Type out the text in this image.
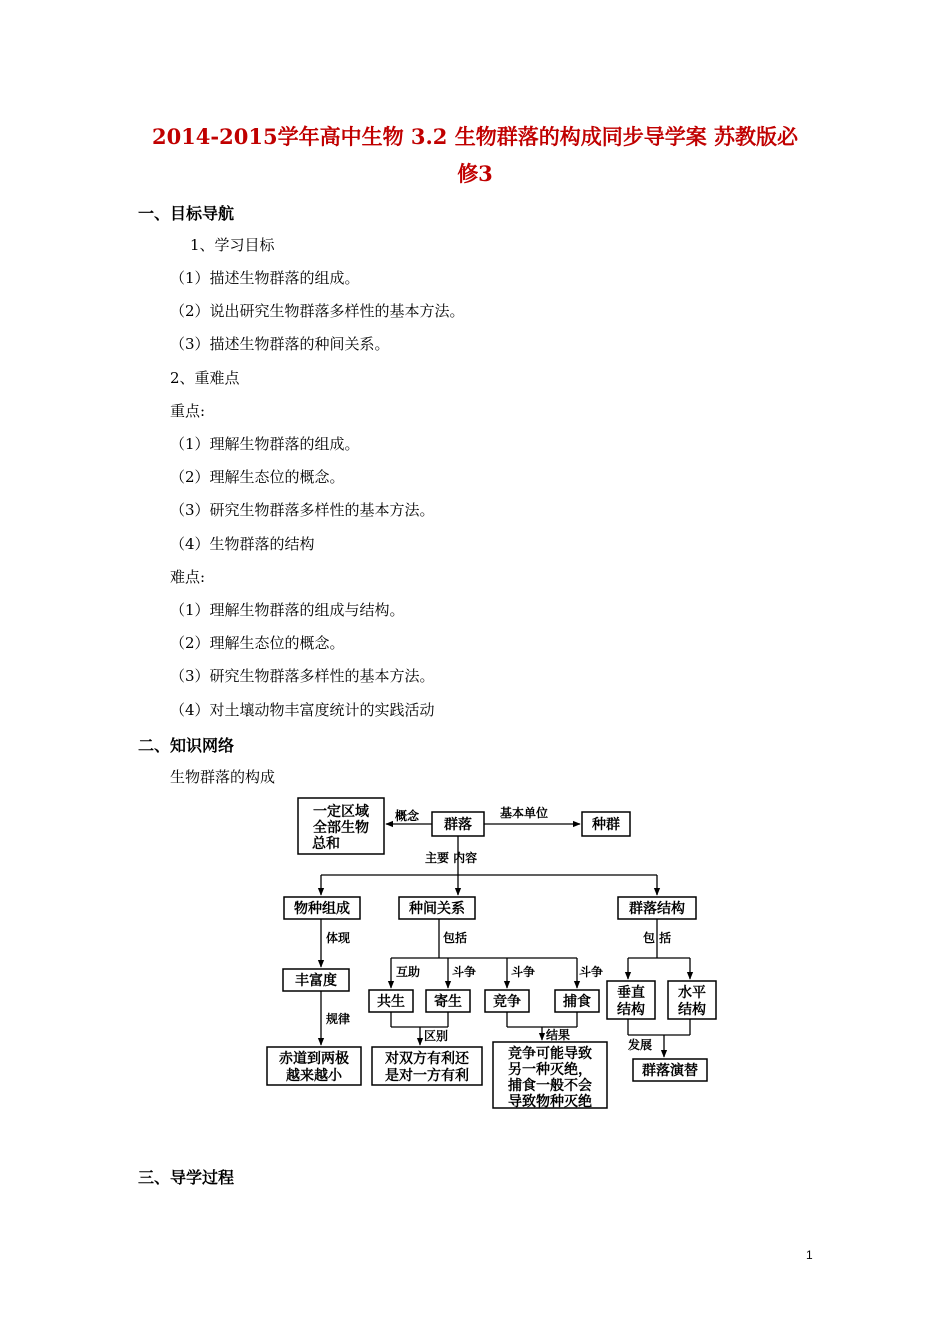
2014-2015学年高中生物 3.2 生物群落的构成同步导学案 苏教版必
修3
一、目标导航
1、学习目标
（1）描述生物群落的组成。
（2）说出研究生物群落多样性的基本方法。
（3）描述生物群落的种间关系。
2、重难点
重点:
（1）理解生物群落的组成。
（2）理解生态位的概念。
（3）研究生物群落多样性的基本方法。
（4）生物群落的结构
难点:
（1）理解生物群落的组成与结构。
（2）理解生态位的概念。
（3）研究生物群落多样性的基本方法。
（4）对土壤动物丰富度统计的实践活动
二、知识网络
生物群落的构成
一定区域
全部生物
总和
群落	种群
物种组成	种间关系	群落结构
丰富度
共生 寄生 竞争	捕食
垂直
结构
水平
结构
赤道到两极
越来越小
对双方有利还
是对一方有利
竞争可能导致
另一种灭绝，
捕食一般不会
导致物种灭绝
群落演替
概念	基本单位
主要 内容
体现	包括	包 括
规律
互助	斗争	斗争	斗争
区别	结果
发展
三、导学过程
1
